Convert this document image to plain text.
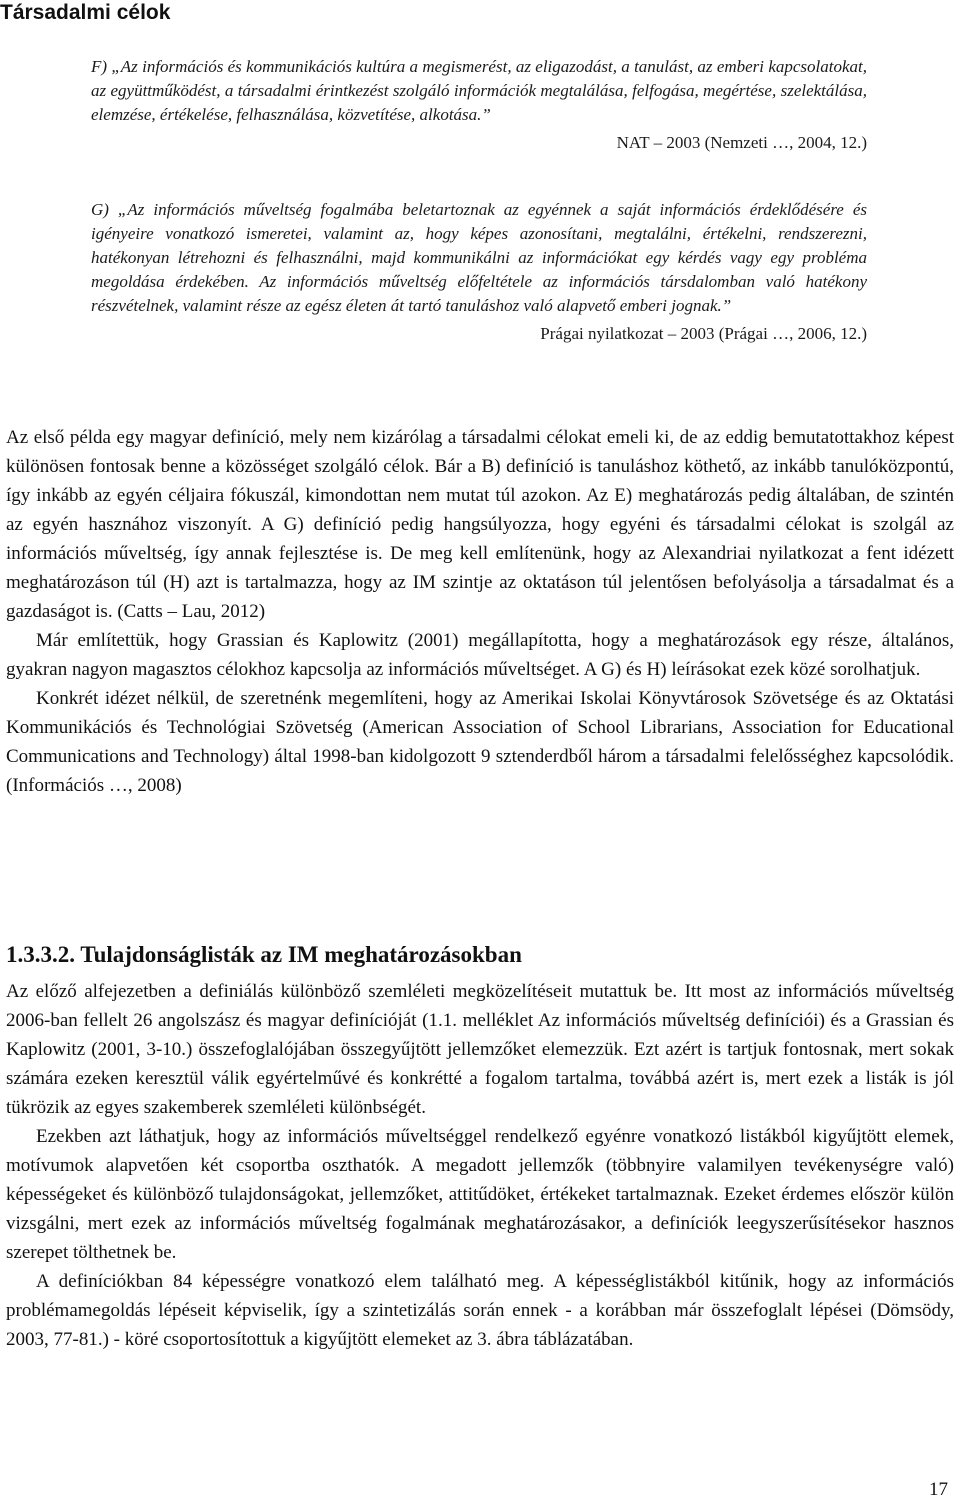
Társadalmi célok

F) „Az információs és kommunikációs kultúra a megismerést, az eligazodást, a tanulást, az emberi kapcsolatokat, az együttműködést, a társadalmi érintkezést szolgáló információk megtalálása, felfogása, megértése, szelektálása, elemzése, értékelése, felhasználása, közvetítése, alkotása.”

NAT – 2003 (Nemzeti …, 2004, 12.)

G) „Az információs műveltség fogalmába beletartoznak az egyénnek a saját információs érdeklődésére és igényeire vonatkozó ismeretei, valamint az, hogy képes azonosítani, megtalálni, értékelni, rendszerezni, hatékonyan létrehozni és felhasználni, majd kommunikálni az információkat egy kérdés vagy egy probléma megoldása érdekében. Az információs műveltség előfeltétele az információs társdalomban való hatékony részvételnek, valamint része az egész életen át tartó tanuláshoz való alapvető emberi jognak.”

Prágai nyilatkozat – 2003 (Prágai …, 2006, 12.)

Az első példa egy magyar definíció, mely nem kizárólag a társadalmi célokat emeli ki, de az eddig bemutatottakhoz képest különösen fontosak benne a közösséget szolgáló célok. Bár a B) definíció is tanuláshoz köthető, az inkább tanulóközpontú, így inkább az egyén céljaira fókuszál, kimondottan nem mutat túl azokon. Az E) meghatározás pedig általában, de szintén az egyén hasznához viszonyít. A G) definíció pedig hangsúlyozza, hogy egyéni és társadalmi célokat is szolgál az információs műveltség, így annak fejlesztése is. De meg kell említenünk, hogy az Alexandriai nyilatkozat a fent idézett meghatározáson túl (H) azt is tartalmazza, hogy az IM szintje az oktatáson túl jelentősen befolyásolja a társadalmat és a gazdaságot is. (Catts – Lau, 2012)

Már említettük, hogy Grassian és Kaplowitz (2001) megállapította, hogy a meghatározások egy része, általános, gyakran nagyon magasztos célokhoz kapcsolja az információs műveltséget. A G) és H) leírásokat ezek közé sorolhatjuk.

Konkrét idézet nélkül, de szeretnénk megemlíteni, hogy az Amerikai Iskolai Könyvtárosok Szövetsége és az Oktatási Kommunikációs és Technológiai Szövetség (American Association of School Librarians, Association for Educational Communications and Technology) által 1998-ban kidolgozott 9 sztenderdből három a társadalmi felelősséghez kapcsolódik. (Információs …, 2008)

1.3.3.2. Tulajdonságlisták az IM meghatározásokban

Az előző alfejezetben a definiálás különböző szemléleti megközelítéseit mutattuk be. Itt most az információs műveltség 2006-ban fellelt 26 angolszász és magyar definícióját (1.1. melléklet Az információs műveltség definíciói) és a Grassian és Kaplowitz (2001, 3-10.) összefoglalójában összegyűjtött jellemzőket elemezzük. Ezt azért is tartjuk fontosnak, mert sokak számára ezeken keresztül válik egyértelművé és konkrétté a fogalom tartalma, továbbá azért is, mert ezek a listák is jól tükrözik az egyes szakemberek szemléleti különbségét.

Ezekben azt láthatjuk, hogy az információs műveltséggel rendelkező egyénre vonatkozó listákból kigyűjtött elemek, motívumok alapvetően két csoportba oszthatók. A megadott jellemzők (többnyire valamilyen tevékenységre való) képességeket és különböző tulajdonságokat, jellemzőket, attitűdöket, értékeket tartalmaznak. Ezeket érdemes először külön vizsgálni, mert ezek az információs műveltség fogalmának meghatározásakor, a definíciók leegyszerűsítésekor hasznos szerepet tölthetnek be.

A definíciókban 84 képességre vonatkozó elem található meg. A képességlistákból kitűnik, hogy az információs problémamegoldás lépéseit képviselik, így a szintetizálás során ennek - a korábban már összefoglalt lépései (Dömsödy, 2003, 77-81.) - köré csoportosítottuk a kigyűjtött elemeket az 3. ábra táblázatában.

17
